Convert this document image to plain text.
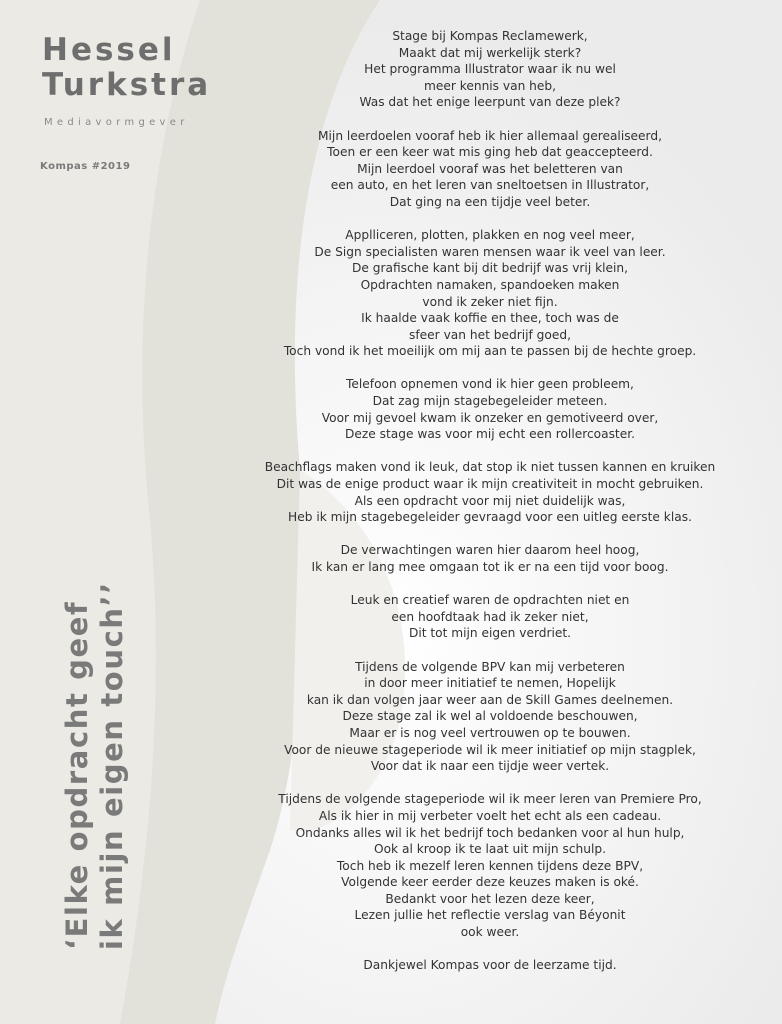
Hessel
Turkstra
Mediavormgever
Kompas #2019
‘Elke opdracht geef ik mijn eigen touch’’
Stage bij Kompas Reclamewerk,
Maakt dat mij werkelijk sterk?
Het programma Illustrator waar ik nu wel
meer kennis van heb,
Was dat het enige leerpunt van deze plek?
Mijn leerdoelen vooraf heb ik hier allemaal gerealiseerd,
Toen er een keer wat mis ging heb dat geaccepteerd.
Mijn leerdoel vooraf was het beletteren van
een auto, en het leren van sneltoetsen in Illustrator,
Dat ging na een tijdje veel beter.
Applliceren, plotten, plakken en nog veel meer,
De Sign specialisten waren mensen waar ik veel van leer.
De grafische kant bij dit bedrijf was vrij klein,
Opdrachten namaken, spandoeken maken
vond ik zeker niet fijn.
Ik haalde vaak koffie en thee, toch was de
sfeer van het bedrijf goed,
Toch vond ik het moeilijk om mij aan te passen bij de hechte groep.
Telefoon opnemen vond ik hier geen probleem,
Dat zag mijn stagebegeleider meteen.
Voor mij gevoel kwam ik onzeker en gemotiveerd over,
Deze stage was voor mij echt een rollercoaster.
Beachflags maken vond ik leuk, dat stop ik niet tussen kannen en kruiken
Dit was de enige product waar ik mijn creativiteit in mocht gebruiken.
Als een opdracht voor mij niet duidelijk was,
Heb ik mijn stagebegeleider gevraagd voor een uitleg eerste klas.
De verwachtingen waren hier daarom heel hoog,
Ik kan er lang mee omgaan tot ik er na een tijd voor boog.
Leuk en creatief waren de opdrachten niet en
een hoofdtaak had ik zeker niet,
Dit tot mijn eigen verdriet.
Tijdens de volgende BPV kan mij verbeteren
in door meer initiatief te nemen, Hopelijk
kan ik dan volgen jaar weer aan de Skill Games deelnemen.
Deze stage zal ik wel al voldoende beschouwen,
Maar er is nog veel vertrouwen op te bouwen.
Voor de nieuwe stageperiode wil ik meer initiatief op mijn stagplek,
Voor dat ik naar een tijdje weer vertek.
Tijdens de volgende stageperiode wil ik meer leren van Premiere Pro,
Als ik hier in mij verbeter voelt het echt als een cadeau.
Ondanks alles wil ik het bedrijf toch bedanken voor al hun hulp,
Ook al kroop ik te laat uit mijn schulp.
Toch heb ik mezelf leren kennen tijdens deze BPV,
Volgende keer eerder deze keuzes maken is oké.
Bedankt voor het lezen deze keer,
Lezen jullie het reflectie verslag van Béyonit
ook weer.
Dankjewel Kompas voor de leerzame tijd.
